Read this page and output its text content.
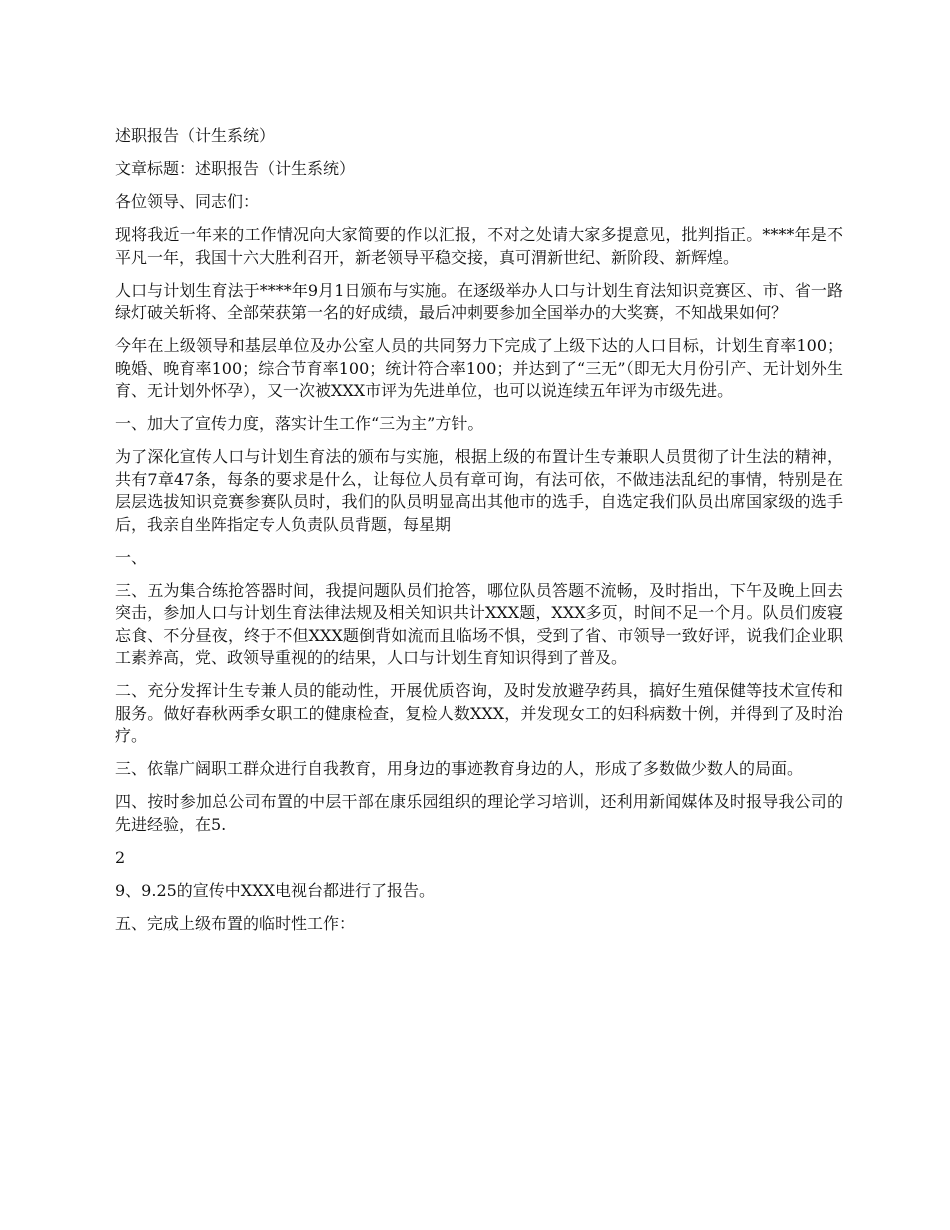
述职报告（计生系统）

文章标题：述职报告（计生系统）

各位领导、同志们：

现将我近一年来的工作情况向大家简要的作以汇报，不对之处请大家多提意见，批判指正。****年是不平凡一年，我国十六大胜利召开，新老领导平稳交接，真可渭新世纪、新阶段、新辉煌。

人口与计划生育法于****年9月1日颁布与实施。在逐级举办人口与计划生育法知识竞赛区、市、省一路绿灯破关斩将、全部荣获第一名的好成绩，最后冲刺要参加全国举办的大奖赛，不知战果如何？

今年在上级领导和基层单位及办公室人员的共同努力下完成了上级下达的人口目标，计划生育率100；晚婚、晚育率100；综合节育率100；统计符合率100；并达到了“三无”（即无大月份引产、无计划外生育、无计划外怀孕），又一次被XXX市评为先进单位，也可以说连续五年评为市级先进。

一、加大了宣传力度，落实计生工作“三为主”方针。

为了深化宣传人口与计划生育法的颁布与实施，根据上级的布置计生专兼职人员贯彻了计生法的精神，共有7章47条，每条的要求是什么，让每位人员有章可询，有法可依，不做违法乱纪的事情，特别是在层层选拔知识竞赛参赛队员时，我们的队员明显高出其他市的选手，自选定我们队员出席国家级的选手后，我亲自坐阵指定专人负责队员背题，每星期

一、

三、五为集合练抢答器时间，我提问题队员们抢答，哪位队员答题不流畅，及时指出，下午及晚上回去突击，参加人口与计划生育法律法规及相关知识共计XXX题，XXX多页，时间不足一个月。队员们废寝忘食、不分昼夜，终于不但XXX题倒背如流而且临场不惧，受到了省、市领导一致好评，说我们企业职工素养高，党、政领导重视的的结果，人口与计划生育知识得到了普及。

二、充分发挥计生专兼人员的能动性，开展优质咨询，及时发放避孕药具，搞好生殖保健等技术宣传和服务。做好春秋两季女职工的健康检查，复检人数XXX，并发现女工的妇科病数十例，并得到了及时治疗。

三、依靠广阔职工群众进行自我教育，用身边的事迹教育身边的人，形成了多数做少数人的局面。

四、按时参加总公司布置的中层干部在康乐园组织的理论学习培训，还利用新闻媒体及时报导我公司的先进经验，在5.

2

9、9.25的宣传中XXX电视台都进行了报告。

五、完成上级布置的临时性工作：
